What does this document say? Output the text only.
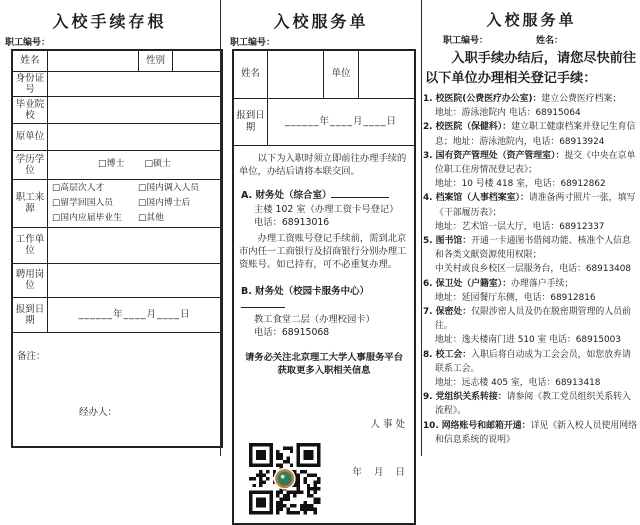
入校手续存根
职工编号：
姓名		性别	
身份证号			
毕业院校			
原单位			
学历学位	□博士 □硕士		

职工来源	
□高层次人才	□国内调入人员
□留学回国人员	□国内博士后
□国内应届毕业生	□其他

工作单位			
聘用岗位			
报到日期	______年____月____日		

备注：
经办人：			
入校服务单
职工编号：
姓名		单位	
报到日期	______年____月____日		

以下为入职时须立即前往办理手续的单位，办结后请将本联交回。

A. 财务处（综合室）
主楼 102 室（办理工资卡号登记）
电话：68913016

办理工资账号登记手续前，需到北京市内任一工商银行及招商银行分别办理工资账号。如已持有，可不必重复办理。

B. 财务处（校园卡服务中心）
教工食堂二层（办理校园卡）
电话：68915068
请务必关注北京理工大学人事服务平台
获取更多入职相关信息

人 事 处

年    月    日

入校服务单
职工编号：	姓名：
入职手续办结后，请您尽快前往以下单位办理相关登记手续：
1. 校医院(公费医疗办公室)：建立公费医疗档案；
地址：游泳池院内 电话：68915064
2. 校医院（保健科）：建立职工健康档案并登记生育信息；地址：游泳池院内，电话：68913924
3. 国有资产管理处（资产管理室）：提交《中央在京单位职工住房情况登记表》；
地址：10 号楼 418 室，电话：68912862
4. 档案馆（人事档案室）：请准备两寸照片一张，填写《干部履历表》；
地址：艺术馆一层大厅，电话：68912337
5. 图书馆：开通一卡通图书借阅功能、核准个人信息和各类文献资源使用权限；
中关村或良乡校区一层服务台，电话：68913408
6. 保卫处（户籍室）：办理落户手续；
地址：延园餐厅东侧，电话：68912816
7. 保密处：仅限涉密人员及仍在脱密期管理的人员前往。
地址：逸夫楼南门进 510 室 电话：68915003
8. 校工会：入职后将自动成为工会会员，如您放弃请联系工会。
地址：远志楼 405 室，电话：68913418
9. 党组织关系转接：请参阅《教工党员组织关系转入流程》。
10. 网络账号和邮箱开通：详见《新入校人员使用网络和信息系统的说明》
